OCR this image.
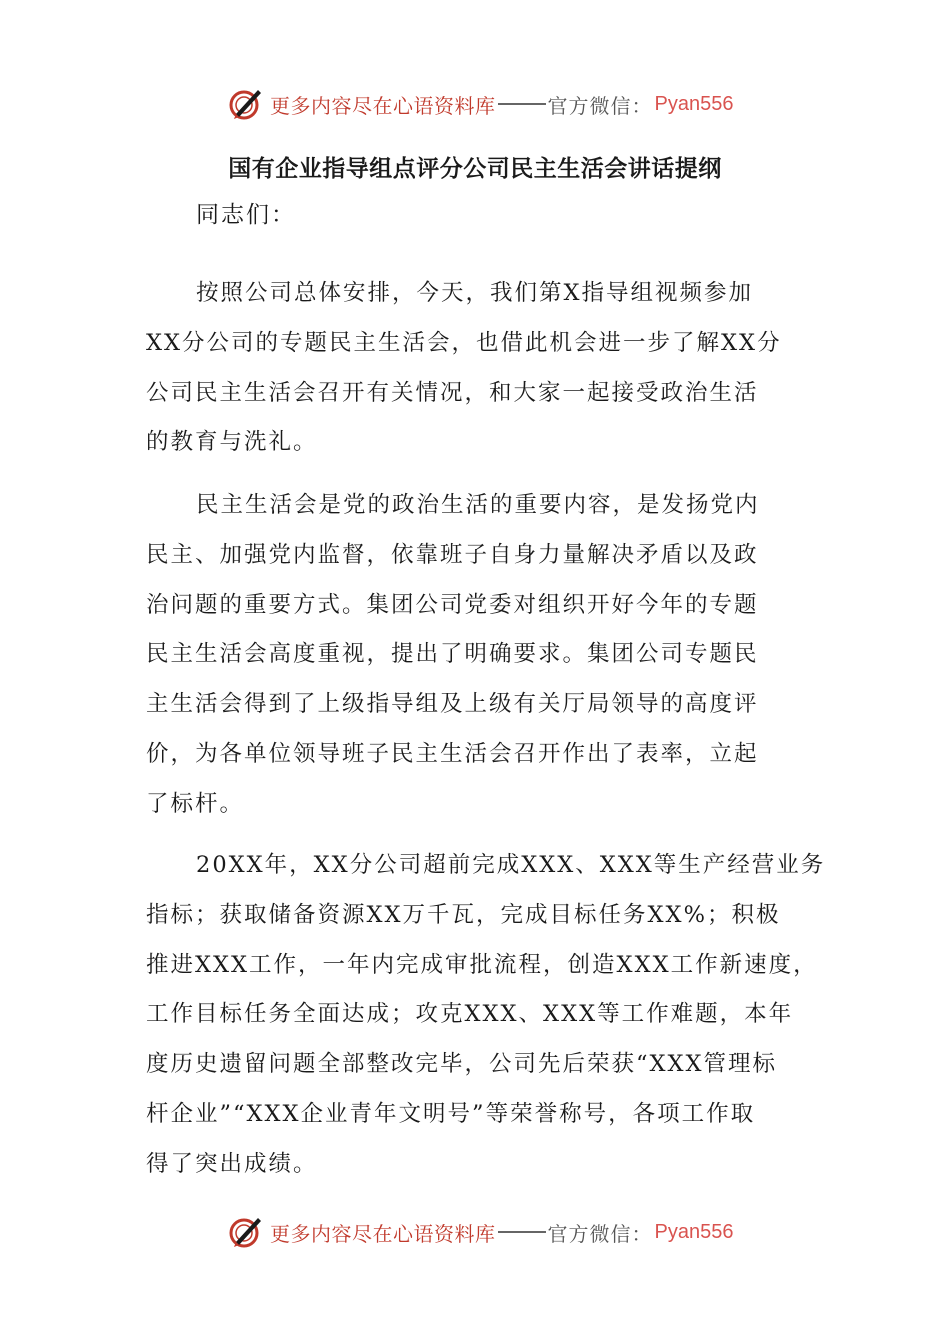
更多内容尽在心语资料库	官方微信： Pyan556
国有企业指导组点评分公司民主生活会讲话提纲

同志们：

按照公司总体安排，今天，我们第X指导组视频参加
XX分公司的专题民主生活会，也借此机会进一步了解XX分
公司民主生活会召开有关情况，和大家一起接受政治生活
的教育与洗礼。

民主生活会是党的政治生活的重要内容，是发扬党内
民主、加强党内监督，依靠班子自身力量解决矛盾以及政
治问题的重要方式。集团公司党委对组织开好今年的专题
民主生活会高度重视，提出了明确要求。集团公司专题民
主生活会得到了上级指导组及上级有关厅局领导的高度评
价，为各单位领导班子民主生活会召开作出了表率，立起
了标杆。

20XX年，XX分公司超前完成XXX、XXX等生产经营业务
指标；获取储备资源XX万千瓦，完成目标任务XX%；积极
推进XXX工作，一年内完成审批流程，创造XXX工作新速度，
工作目标任务全面达成；攻克XXX、XXX等工作难题，本年
度历史遗留问题全部整改完毕，公司先后荣获“XXX管理标
杆企业”“XXX企业青年文明号”等荣誉称号，各项工作取
得了突出成绩。

更多内容尽在心语资料库	官方微信： Pyan556
